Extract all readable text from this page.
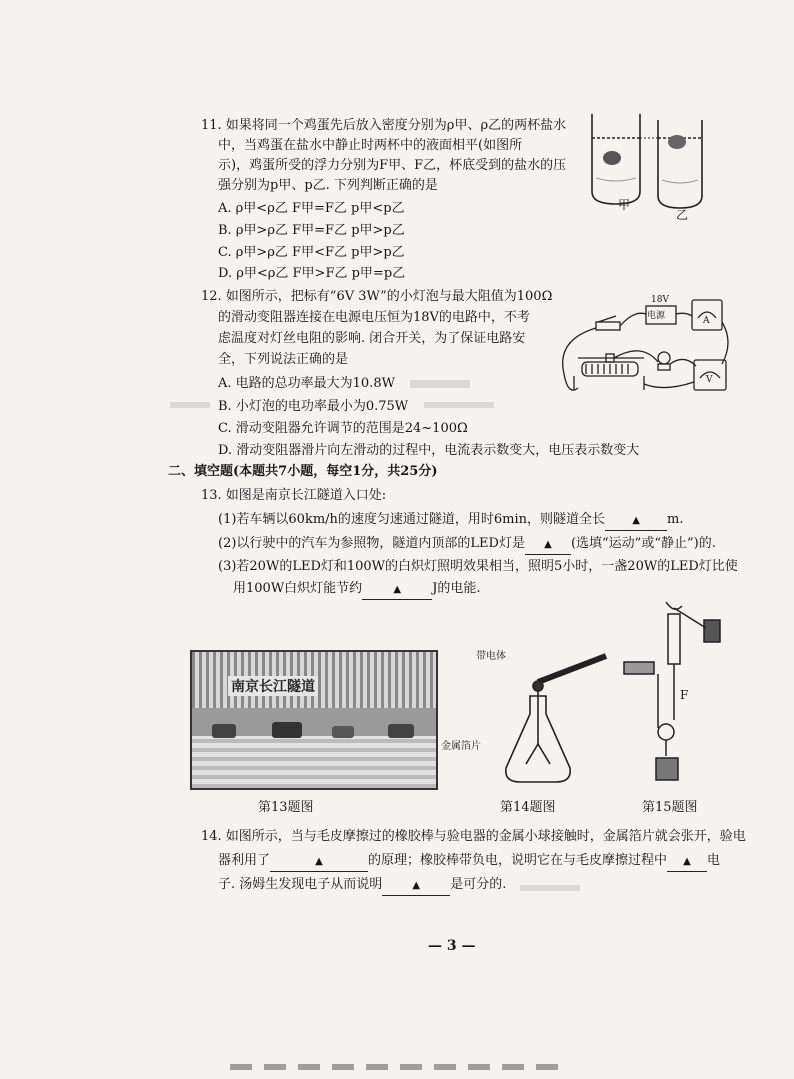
11. 如果将同一个鸡蛋先后放入密度分别为ρ甲、ρ乙的两杯盐水
中，当鸡蛋在盐水中静止时两杯中的液面相平(如图所
示)，鸡蛋所受的浮力分别为F甲、F乙，杯底受到的盐水的压
强分别为p甲、p乙. 下列判断正确的是
A. ρ甲<ρ乙 F甲=F乙 p甲<p乙
B. ρ甲>ρ乙 F甲=F乙 p甲>p乙
C. ρ甲>ρ乙 F甲<F乙 p甲>p乙
D. ρ甲<ρ乙 F甲>F乙 p甲=p乙
甲
乙
12. 如图所示，把标有“6V 3W”的小灯泡与最大阻值为100Ω
的滑动变阻器连接在电源电压恒为18V的电路中，不考
虑温度对灯丝电阻的影响. 闭合开关，为了保证电路安
全，下列说法正确的是
A. 电路的总功率最大为10.8W
B. 小灯泡的电功率最小为0.75W
C. 滑动变阻器允许调节的范围是24~100Ω
D. 滑动变阻器滑片向左滑动的过程中，电流表示数变大，电压表示数变大
18V
电源	A
V
二、填空题(本题共7小题，每空1分，共25分)
13. 如图是南京长江隧道入口处:
(1)若车辆以60km/h的速度匀速通过隧道，用时6min，则隧道全长	▲ m.
(2)以行驶中的汽车为参照物，隧道内顶部的LED灯是 ▲ (选填“运动”或“静止”)的.
(3)若20W的LED灯和100W的白炽灯照明效果相当，照明5小时，一盏20W的LED灯比使
用100W白炽灯能节约	▲ J的电能.
南京长江隧道
第13题图
带电体
金属箔片
第14题图
F
第15题图
14. 如图所示，当与毛皮摩擦过的橡胶棒与验电器的金属小球接触时，金属箔片就会张开，验电
器利用了	▲	的原理；橡胶棒带负电，说明它在与毛皮摩擦过程中 ▲ 电
子. 汤姆生发现电子从而说明	▲ 是可分的.
— 3 —
